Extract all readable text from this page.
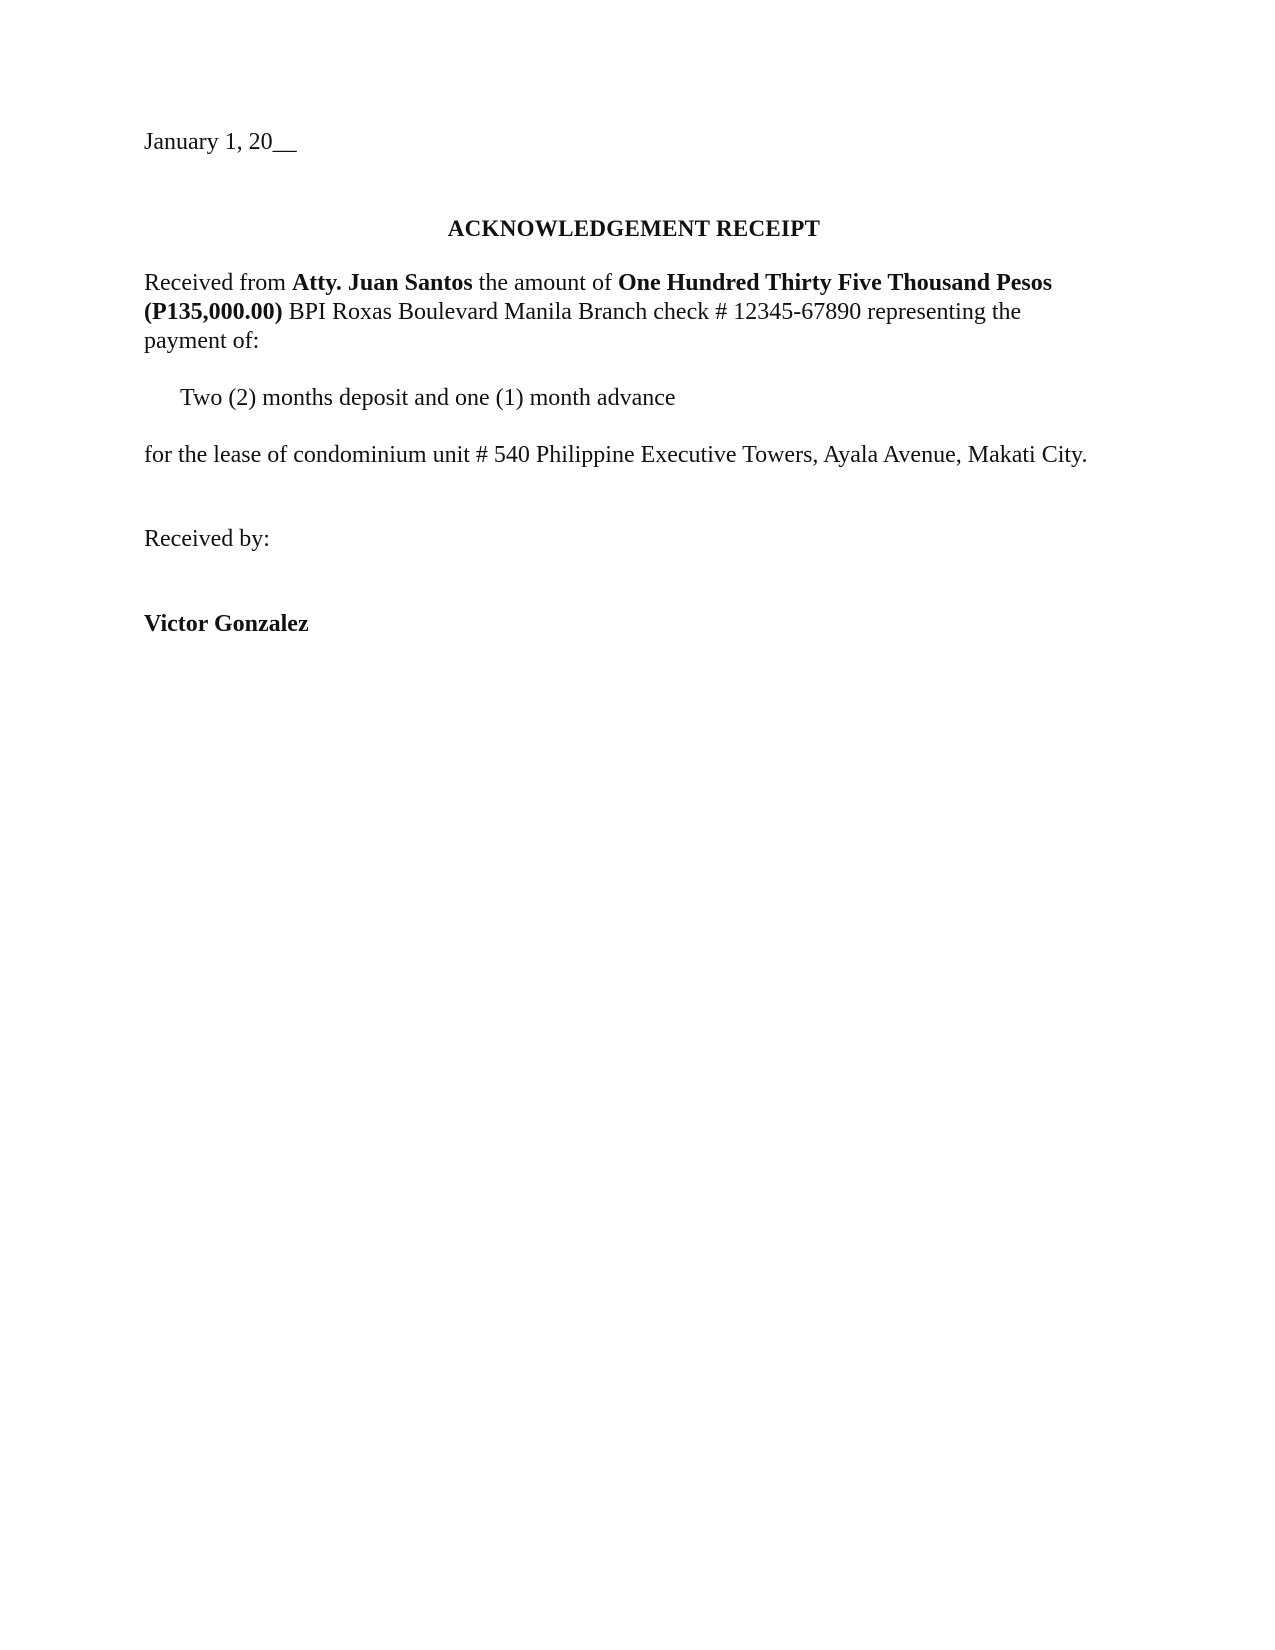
January 1, 20__

ACKNOWLEDGEMENT RECEIPT

Received from Atty. Juan Santos the amount of One Hundred Thirty Five Thousand Pesos (P135,000.00) BPI Roxas Boulevard Manila Branch check # 12345-67890 representing the payment of:

Two (2) months deposit and one (1) month advance

for the lease of condominium unit # 540 Philippine Executive Towers, Ayala Avenue, Makati City.

Received by:

Victor Gonzalez
